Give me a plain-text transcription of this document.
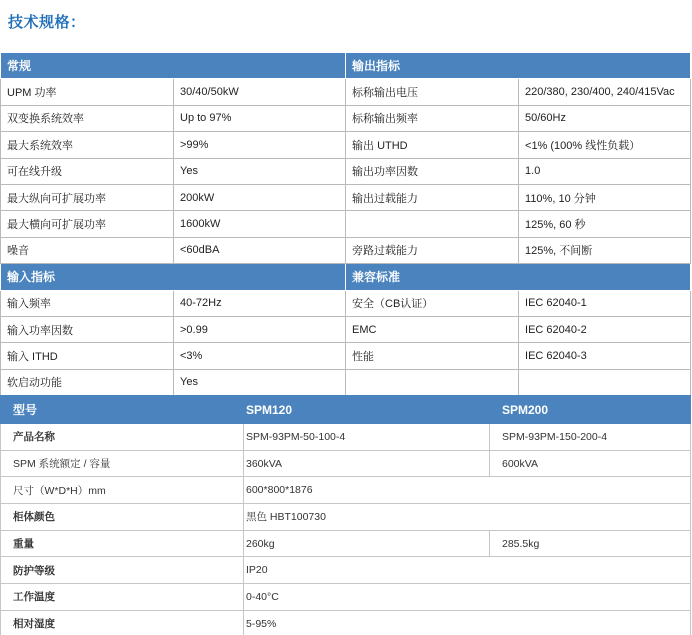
技术规格：
常规		输出指标	
UPM 功率	30/40/50kW	标称输出电压	220/380, 230/400, 240/415Vac
双变换系统效率	Up to 97%	标称输出频率	50/60Hz
最大系统效率	>99%	输出 UTHD	<1% (100% 线性负载）
可在线升级	Yes	输出功率因数	1.0
最大纵向可扩展功率	200kW	输出过载能力	110%, 10 分钟
最大横向可扩展功率	1600kW		125%, 60 秒
噪音	<60dBA	旁路过载能力	125%, 不间断
输入指标		兼容标准	
输入频率	40-72Hz	安全（CB认证）	IEC 62040-1
输入功率因数	>0.99	EMC	IEC 62040-2
输入 ITHD	<3%	性能	IEC 62040-3
软启动功能	Yes		
型号	SPM120	SPM200
产品名称	SPM-93PM-50-100-4	SPM-93PM-150-200-4
SPM 系统额定 / 容量	360kVA	600kVA
尺寸（W*D*H）mm	600*800*1876	
柜体颜色	黑色 HBT100730	
重量	260kg	285.5kg
防护等级	IP20	
工作温度	0-40°C	
相对湿度	5-95%	
